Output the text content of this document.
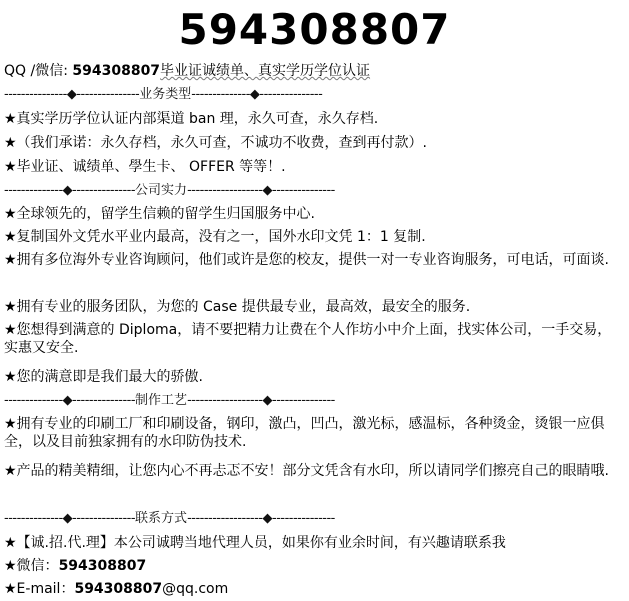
594308807
QQ /微信: 594308807毕业证诚绩单、真实学历学位认证
---------------◆---------------业务类型--------------◆---------------
★真实学历学位认证内部渠道 ban 理，永久可查，永久存档.
★（我们承诺：永久存档，永久可查，不诚功不收费，查到再付款）.
★毕业证、诚绩单、學生卡、 OFFER 等等！.
--------------◆---------------公司实力------------------◆---------------
★全球领先的，留学生信赖的留学生归国服务中心.
★复制国外文凭水平业内最高，没有之一，国外水印文凭 1：1 复制.
★拥有多位海外专业咨询顾问，他们或许是您的校友，提供一对一专业咨询服务，可电话，可面谈.
★拥有专业的服务团队，为您的 Case 提供最专业，最高效，最安全的服务.
★您想得到满意的 Diploma，请不要把精力让费在个人作坊小中介上面，找实体公司，一手交易，实惠又安全.
★您的满意即是我们最大的骄傲.
--------------◆---------------制作工艺------------------◆---------------
★拥有专业的印刷工厂和印刷设备，钢印，激凸，凹凸，激光标，感温标，各种烫金，烫银一应俱全，以及目前独家拥有的水印防伪技术.
★产品的精美精细，让您内心不再忐忑不安！部分文凭含有水印，所以请同学们擦亮自己的眼睛哦.
--------------◆---------------联系方式------------------◆---------------
★【诚.招.代.理】本公司诚聘当地代理人员，如果你有业余时间，有兴趣请联系我
★微信：594308807
★E-mail：594308807@qq.com
